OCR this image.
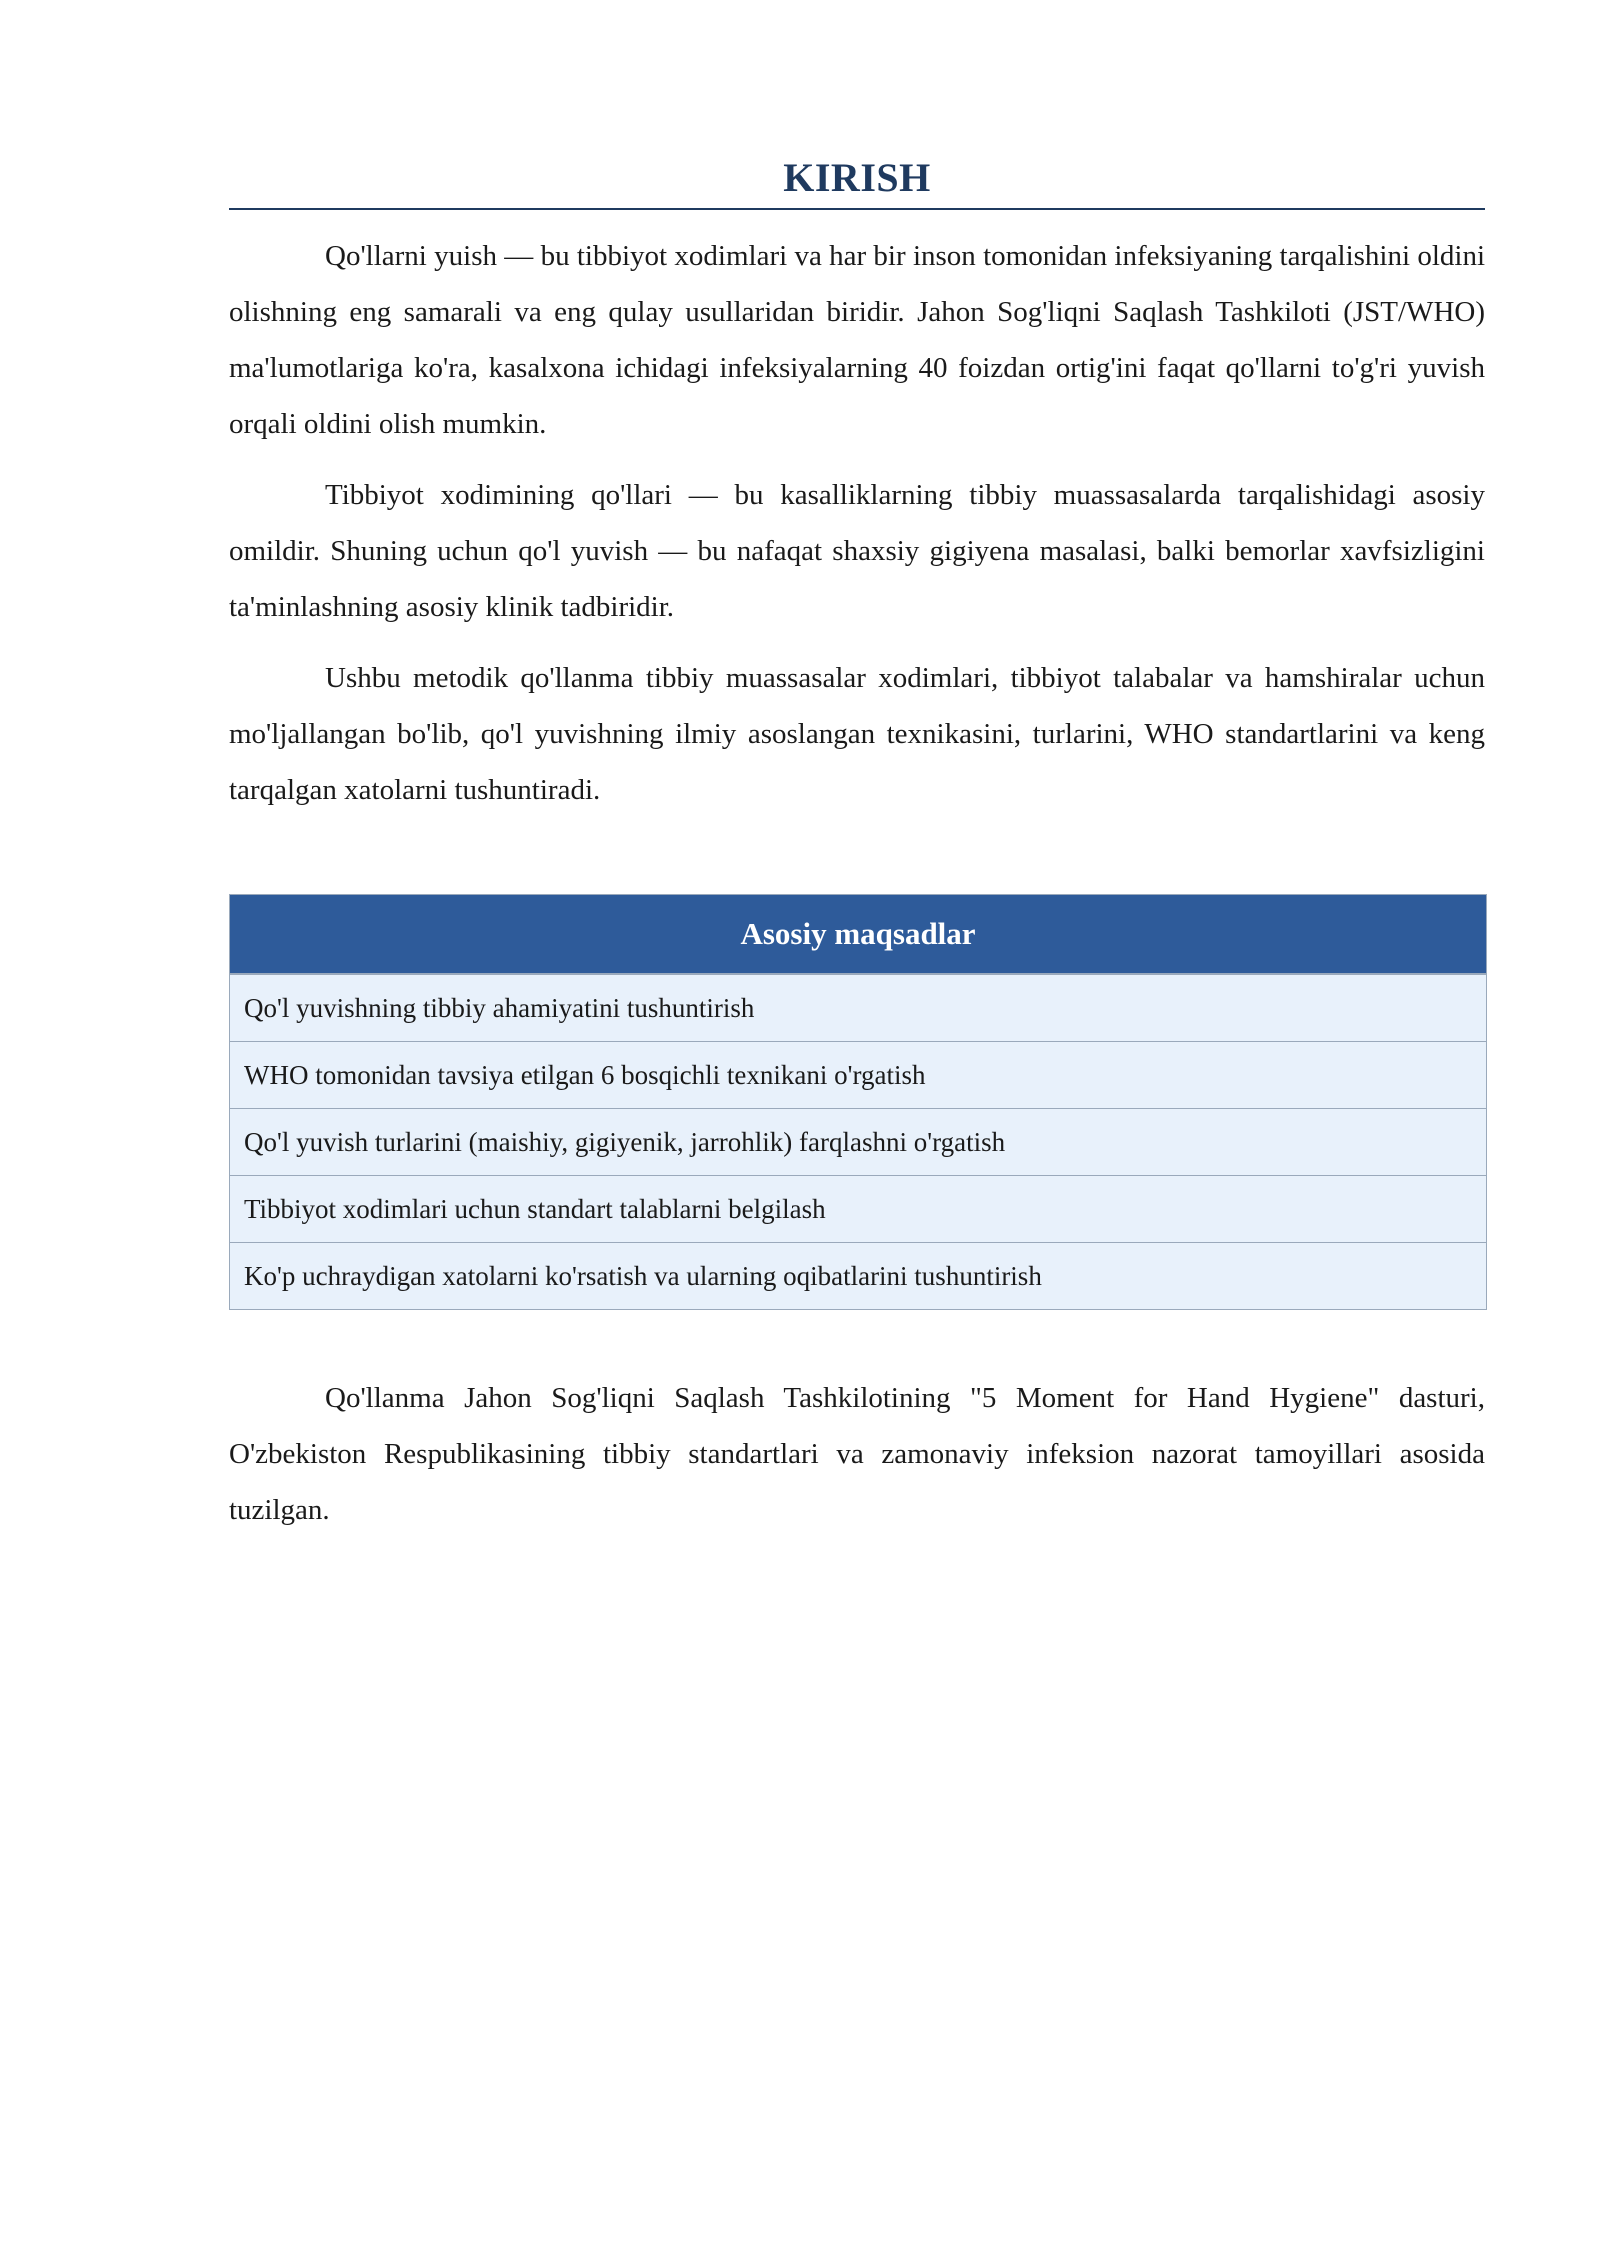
KIRISH

Qo'llarni yuish — bu tibbiyot xodimlari va har bir inson tomonidan infeksiyaning tarqalishini oldini olishning eng samarali va eng qulay usullaridan biridir. Jahon Sog'liqni Saqlash Tashkiloti (JST/WHO) ma'lumotlariga ko'ra, kasalxona ichidagi infeksiyalarning 40 foizdan ortig'ini faqat qo'llarni to'g'ri yuvish orqali oldini olish mumkin.

Tibbiyot xodimining qo'llari — bu kasalliklarning tibbiy muassasalarda tarqalishidagi asosiy omildir. Shuning uchun qo'l yuvish — bu nafaqat shaxsiy gigiyena masalasi, balki bemorlar xavfsizligini ta'minlashning asosiy klinik tadbiridir.

Ushbu metodik qo'llanma tibbiy muassasalar xodimlari, tibbiyot talabalar va hamshiralar uchun mo'ljallangan bo'lib, qo'l yuvishning ilmiy asoslangan texnikasini, turlarini, WHO standartlarini va keng tarqalgan xatolarni tushuntiradi.

Asosiy maqsadlar
Qo'l yuvishning tibbiy ahamiyatini tushuntirish
WHO tomonidan tavsiya etilgan 6 bosqichli texnikani o'rgatish
Qo'l yuvish turlarini (maishiy, gigiyenik, jarrohlik) farqlashni o'rgatish
Tibbiyot xodimlari uchun standart talablarni belgilash
Ko'p uchraydigan xatolarni ko'rsatish va ularning oqibatlarini tushuntirish

Qo'llanma Jahon Sog'liqni Saqlash Tashkilotining "5 Moment for Hand Hygiene" dasturi, O'zbekiston Respublikasining tibbiy standartlari va zamonaviy infeksion nazorat tamoyillari asosida tuzilgan.
